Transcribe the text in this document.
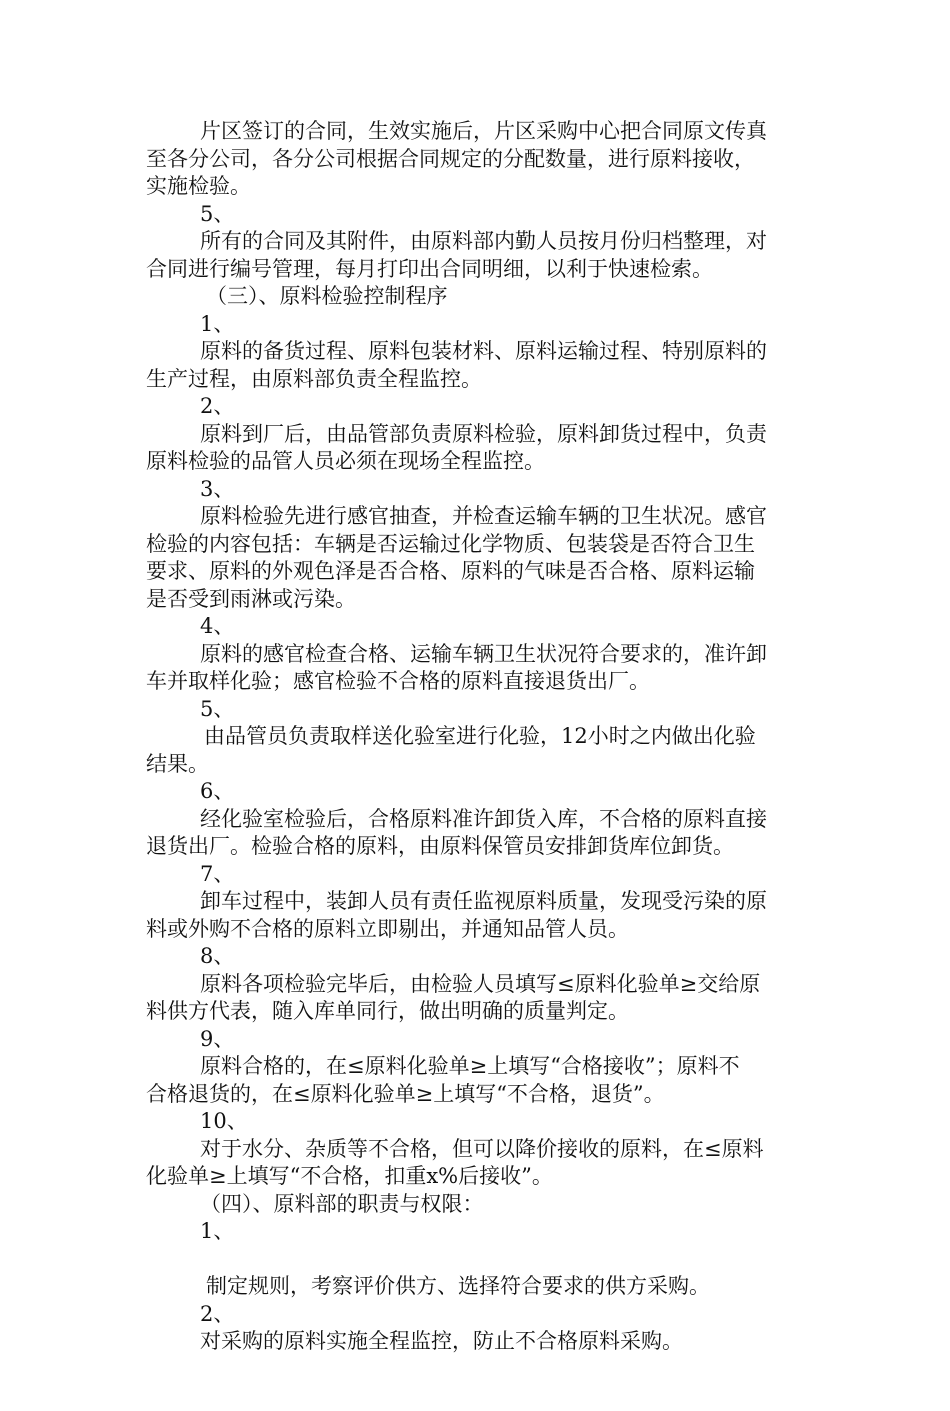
片区签订的合同，生效实施后，片区采购中心把合同原文传真
至各分公司，各分公司根据合同规定的分配数量，进行原料接收，
实施检验。
5、
所有的合同及其附件，由原料部内勤人员按月份归档整理，对
合同进行编号管理，每月打印出合同明细，以利于快速检索。
（三）、原料检验控制程序
1、
原料的备货过程、原料包装材料、原料运输过程、特别原料的
生产过程，由原料部负责全程监控。
2、
原料到厂后，由品管部负责原料检验，原料卸货过程中，负责
原料检验的品管人员必须在现场全程监控。
3、
原料检验先进行感官抽查，并检查运输车辆的卫生状况。感官
检验的内容包括：车辆是否运输过化学物质、包装袋是否符合卫生
要求、原料的外观色泽是否合格、原料的气味是否合格、原料运输
是否受到雨淋或污染。
4、
原料的感官检查合格、运输车辆卫生状况符合要求的，准许卸
车并取样化验；感官检验不合格的原料直接退货出厂。
5、
由品管员负责取样送化验室进行化验，12小时之内做出化验
结果。
6、
经化验室检验后，合格原料准许卸货入库，不合格的原料直接
退货出厂。检验合格的原料，由原料保管员安排卸货库位卸货。
7、
卸车过程中，装卸人员有责任监视原料质量，发现受污染的原
料或外购不合格的原料立即剔出，并通知品管人员。
8、
原料各项检验完毕后，由检验人员填写≤原料化验单≥交给原
料供方代表，随入库单同行，做出明确的质量判定。
9、
原料合格的，在≤原料化验单≥上填写“合格接收”；原料不
合格退货的，在≤原料化验单≥上填写“不合格，退货”。
10、
对于水分、杂质等不合格，但可以降价接收的原料，在≤原料
化验单≥上填写“不合格，扣重x%后接收”。
（四）、原料部的职责与权限：
1、
制定规则，考察评价供方、选择符合要求的供方采购。
2、
对采购的原料实施全程监控，防止不合格原料采购。
